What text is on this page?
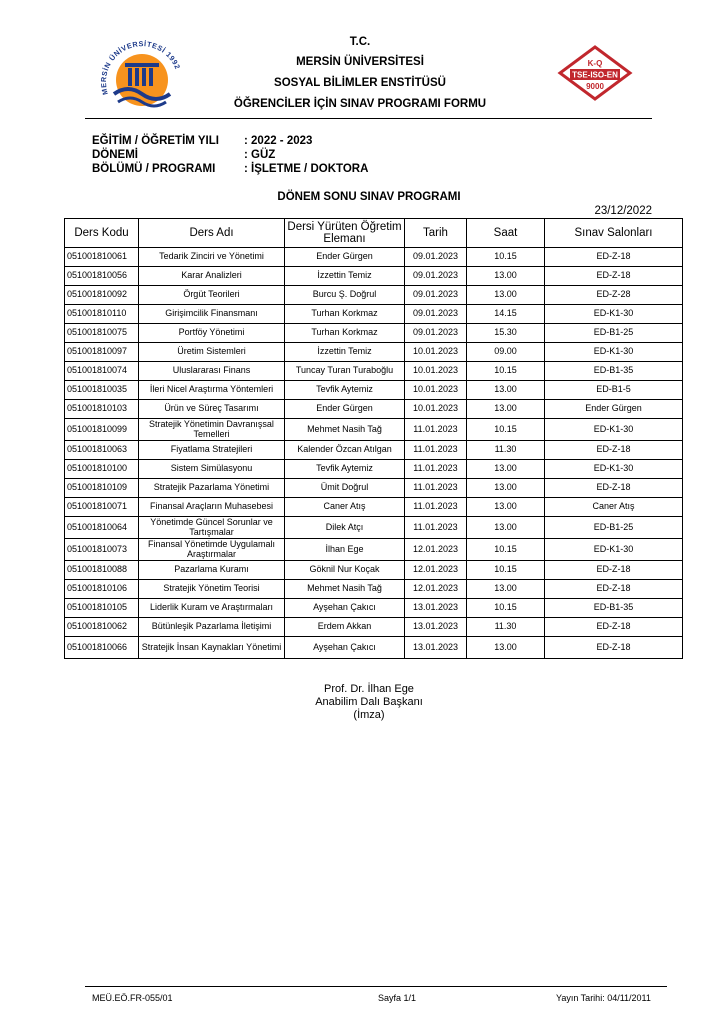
MERSİN ÜNİVERSİTESİ 1992	K-Q
TSE-ISO-EN
9000
T.C.
MERSİN ÜNİVERSİTESİ
SOSYAL BİLİMLER ENSTİTÜSÜ
ÖĞRENCİLER İÇİN SINAV PROGRAMI FORMU
EĞİTİM / ÖĞRETİM YILI : 2022 - 2023
DÖNEMİ	: GÜZ
BÖLÜMÜ / PROGRAMI : İŞLETME / DOKTORA
DÖNEM SONU SINAV PROGRAMI
23/12/2022
Ders Kodu	Ders Adı	Dersi Yürüten Öğretim Elemanı	Tarih	Saat	Sınav Salonları
051001810061	Tedarik Zinciri ve Yönetimi	Ender Gürgen	09.01.2023	10.15	ED-Z-18
051001810056	Karar Analizleri	İzzettin Temiz	09.01.2023	13.00	ED-Z-18
051001810092	Örgüt Teorileri	Burcu Ş. Doğrul	09.01.2023	13.00	ED-Z-28
051001810110	Girişimcilik Finansmanı	Turhan Korkmaz	09.01.2023	14.15	ED-K1-30
051001810075	Portföy Yönetimi	Turhan Korkmaz	09.01.2023	15.30	ED-B1-25
051001810097	Üretim Sistemleri	İzzettin Temiz	10.01.2023	09.00	ED-K1-30
051001810074	Uluslararası Finans	Tuncay Turan Turaboğlu	10.01.2023	10.15	ED-B1-35
051001810035	İleri Nicel Araştırma Yöntemleri	Tevfik Aytemiz	10.01.2023	13.00	ED-B1-5
051001810103	Ürün ve Süreç Tasarımı	Ender Gürgen	10.01.2023	13.00	Ender Gürgen
051001810099	Stratejik Yönetimin Davranışsal Temelleri	Mehmet Nasih Tağ	11.01.2023	10.15	ED-K1-30
051001810063	Fiyatlama Stratejileri	Kalender Özcan Atılgan	11.01.2023	11.30	ED-Z-18
051001810100	Sistem Simülasyonu	Tevfik Aytemiz	11.01.2023	13.00	ED-K1-30
051001810109	Stratejik Pazarlama Yönetimi	Ümit Doğrul	11.01.2023	13.00	ED-Z-18
051001810071	Finansal Araçların Muhasebesi	Caner Atış	11.01.2023	13.00	Caner Atış
051001810064	Yönetimde Güncel Sorunlar ve Tartışmalar	Dilek Atçı	11.01.2023	13.00	ED-B1-25
051001810073	Finansal Yönetimde Uygulamalı Araştırmalar	İlhan Ege	12.01.2023	10.15	ED-K1-30
051001810088	Pazarlama Kuramı	Göknil Nur Koçak	12.01.2023	10.15	ED-Z-18
051001810106	Stratejik Yönetim Teorisi	Mehmet Nasih Tağ	12.01.2023	13.00	ED-Z-18
051001810105	Liderlik Kuram ve Araştırmaları	Ayşehan Çakıcı	13.01.2023	10.15	ED-B1-35
051001810062	Bütünleşik Pazarlama İletişimi	Erdem Akkan	13.01.2023	11.30	ED-Z-18
051001810066	Stratejik İnsan Kaynakları Yönetimi	Ayşehan Çakıcı	13.01.2023	13.00	ED-Z-18
Prof. Dr. İlhan Ege
Anabilim Dalı Başkanı
(İmza)
MEÜ.EÖ.FR-055/01	Sayfa 1/1	Yayın Tarihi: 04/11/2011
